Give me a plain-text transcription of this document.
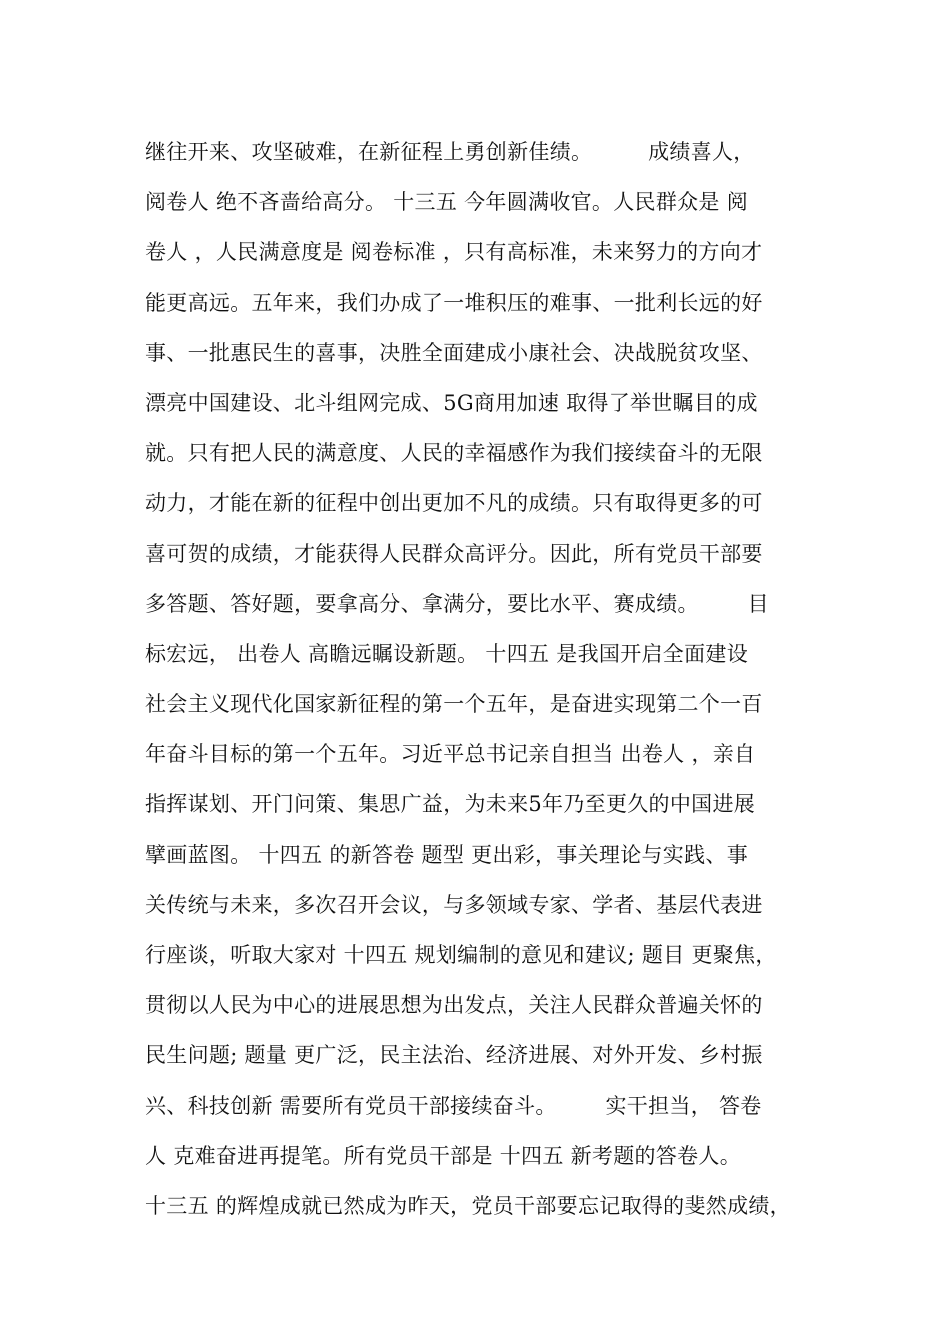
继往开来、攻坚破难，在新征程上勇创新佳绩。        成绩喜人，
阅卷人 绝不吝啬给高分。 十三五 今年圆满收官。人民群众是 阅
卷人 ，人民满意度是 阅卷标准 ，只有高标准，未来努力的方向才
能更高远。五年来，我们办成了一堆积压的难事、一批利长远的好
事、一批惠民生的喜事，决胜全面建成小康社会、决战脱贫攻坚、
漂亮中国建设、北斗组网完成、5G商用加速 取得了举世瞩目的成
就。只有把人民的满意度、人民的幸福感作为我们接续奋斗的无限
动力，才能在新的征程中创出更加不凡的成绩。只有取得更多的可
喜可贺的成绩，才能获得人民群众高评分。因此，所有党员干部要
多答题、答好题，要拿高分、拿满分，要比水平、赛成绩。       目
标宏远， 出卷人 高瞻远瞩设新题。 十四五 是我国开启全面建设
社会主义现代化国家新征程的第一个五年，是奋进实现第二个一百
年奋斗目标的第一个五年。习近平总书记亲自担当 出卷人 ，亲自
指挥谋划、开门问策、集思广益，为未来5年乃至更久的中国进展
擘画蓝图。 十四五 的新答卷 题型 更出彩，事关理论与实践、事
关传统与未来，多次召开会议，与多领域专家、学者、基层代表进
行座谈，听取大家对 十四五 规划编制的意见和建议; 题目 更聚焦，
贯彻以人民为中心的进展思想为出发点，关注人民群众普遍关怀的
民生问题; 题量 更广泛，民主法治、经济进展、对外开发、乡村振
兴、科技创新 需要所有党员干部接续奋斗。       实干担当， 答卷
人 克难奋进再提笔。所有党员干部是 十四五 新考题的答卷人。
十三五 的辉煌成就已然成为昨天，党员干部要忘记取得的斐然成绩，
